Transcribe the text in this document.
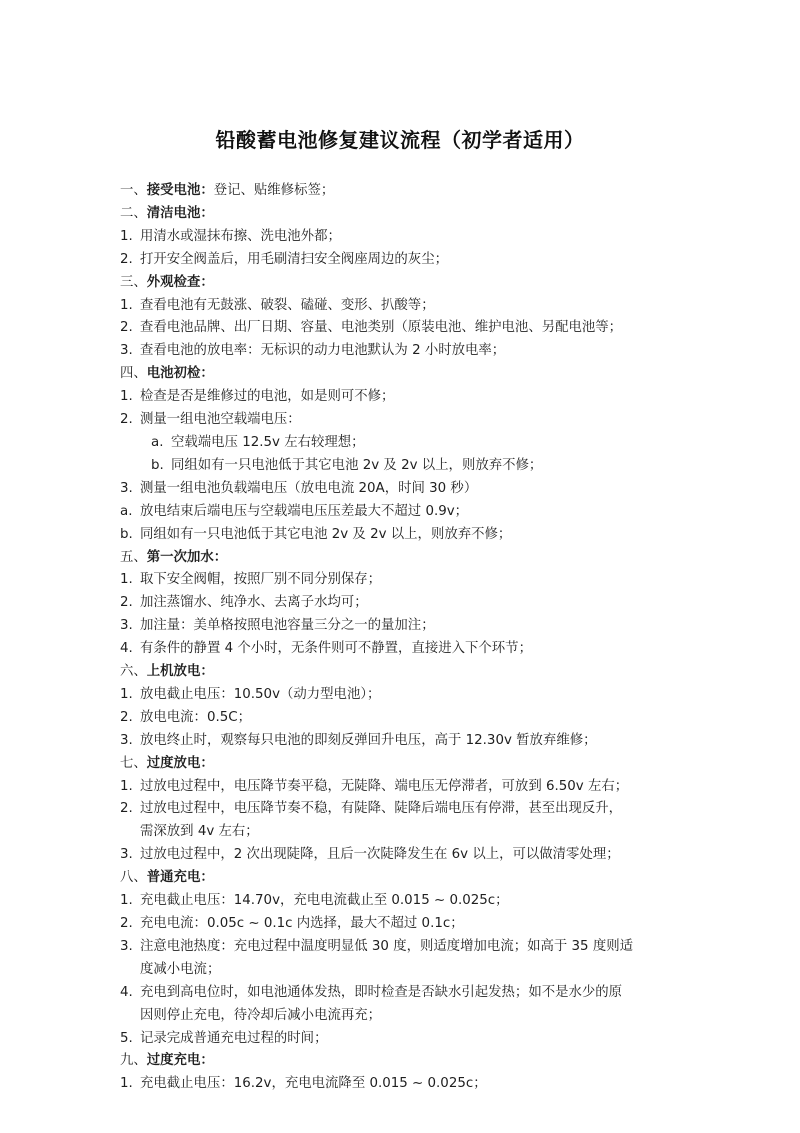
铅酸蓄电池修复建议流程（初学者适用）

一、接受电池：登记、贴维修标签；

二、清洁电池：

1. 用清水或湿抹布擦、洗电池外都；

2. 打开安全阀盖后，用毛刷清扫安全阀座周边的灰尘；

三、外观检查：

1. 查看电池有无鼓涨、破裂、磕碰、变形、扒酸等；

2. 查看电池品牌、出厂日期、容量、电池类别（原装电池、维护电池、另配电池等；

3. 查看电池的放电率：无标识的动力电池默认为 2 小时放电率；

四、电池初检：

1. 检查是否是维修过的电池，如是则可不修；

2. 测量一组电池空载端电压：

a. 空载端电压 12.5v 左右较理想；

b. 同组如有一只电池低于其它电池 2v 及 2v 以上，则放弃不修；

3. 测量一组电池负载端电压（放电电流 20A，时间 30 秒）

a. 放电结束后端电压与空载端电压压差最大不超过 0.9v；

b. 同组如有一只电池低于其它电池 2v 及 2v 以上，则放弃不修；

五、第一次加水：

1. 取下安全阀帽，按照厂别不同分别保存；

2. 加注蒸馏水、纯净水、去离子水均可；

3. 加注量：美单格按照电池容量三分之一的量加注；

4. 有条件的静置 4 个小时，无条件则可不静置，直接进入下个环节；

六、上机放电：

1. 放电截止电压：10.50v（动力型电池）；

2. 放电电流：0.5C；

3. 放电终止时，观察每只电池的即刻反弹回升电压，高于 12.30v 暂放弃维修；

七、过度放电：

1. 过放电过程中，电压降节奏平稳，无陡降、端电压无停滞者，可放到 6.50v 左右；

2. 过放电过程中，电压降节奏不稳，有陡降、陡降后端电压有停滞，甚至出现反升，
需深放到 4v 左右；

3. 过放电过程中，2 次出现陡降，且后一次陡降发生在 6v 以上，可以做清零处理；

八、普通充电：

1. 充电截止电压：14.70v，充电电流截止至 0.015 ~ 0.025c；

2. 充电电流：0.05c ~ 0.1c 内选择，最大不超过 0.1c；

3. 注意电池热度：充电过程中温度明显低 30 度，则适度增加电流；如高于 35 度则适
度减小电流；

4. 充电到高电位时，如电池通体发热，即时检查是否缺水引起发热；如不是水少的原
因则停止充电，待冷却后减小电流再充；

5. 记录完成普通充电过程的时间；

九、过度充电：

1. 充电截止电压：16.2v，充电电流降至 0.015 ~ 0.025c；
